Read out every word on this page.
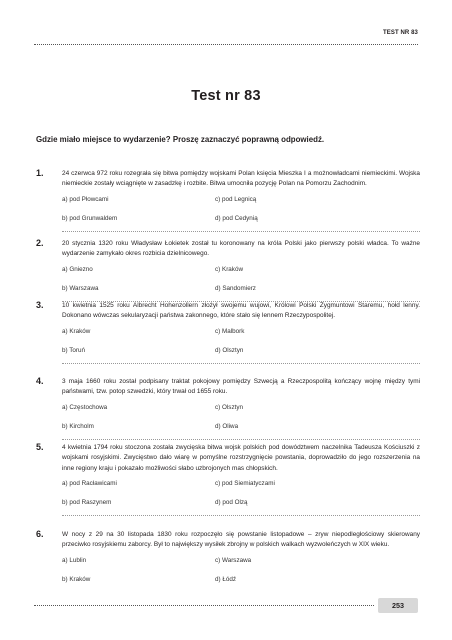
TEST NR 83
Test nr 83
Gdzie miało miejsce to wydarzenie? Proszę zaznaczyć poprawną odpowiedź.
1.	24 czerwca 972 roku rozegrała się bitwa pomiędzy wojskami Polan księcia Mieszka I a możnowładcami niemieckimi. Wojska niemieckie zostały wciągnięte w zasadzkę i rozbite. Bitwa umocniła pozycję Polan na Pomorzu Zachodnim.
a) pod Płowcami	c) pod Legnicą
b) pod Grunwaldem	d) pod Cedynią
2.	20 stycznia 1320 roku Władysław Łokietek został tu koronowany na króla Polski jako pierwszy polski władca. To ważne wydarzenie zamykało okres rozbicia dzielnicowego.
a) Gniezno	c) Kraków
b) Warszawa	d) Sandomierz
3.	10 kwietnia 1525 roku Albrecht Hohenzollern złożył swojemu wujowi, Królowi Polski Zygmuntowi Staremu, hołd lenny. Dokonano wówczas sekularyzacji państwa zakonnego, które stało się lennem Rzeczypospolitej.
a) Kraków	c) Malbork
b) Toruń	d) Olsztyn
4.	3 maja 1660 roku został podpisany traktat pokojowy pomiędzy Szwecją a Rzeczpospolitą kończący wojnę między tymi państwami, tzw. potop szwedzki, który trwał od 1655 roku.
a) Częstochowa	c) Olsztyn
b) Kircholm	d) Oliwa
5.	4 kwietnia 1794 roku stoczona została zwycięska bitwa wojsk polskich pod dowództwem naczelnika Tadeusza Kościuszki z wojskami rosyjskimi. Zwycięstwo dało wiarę w pomyślne rozstrzygnięcie powstania, doprowadziło do jego rozszerzenia na inne regiony kraju i pokazało możliwości słabo uzbrojonych mas chłopskich.
a) pod Racławicami	c) pod Siemiatyczami
b) pod Raszynem	d) pod Olzą
6.	W nocy z 29 na 30 listopada 1830 roku rozpoczęło się powstanie listopadowe – zryw niepodległościowy skierowany przeciwko rosyjskiemu zaborcy. Był to największy wysiłek zbrojny w polskich walkach wyzwoleńczych w XIX wieku.
a) Lublin	c) Warszawa
b) Kraków	d) Łódź
253
